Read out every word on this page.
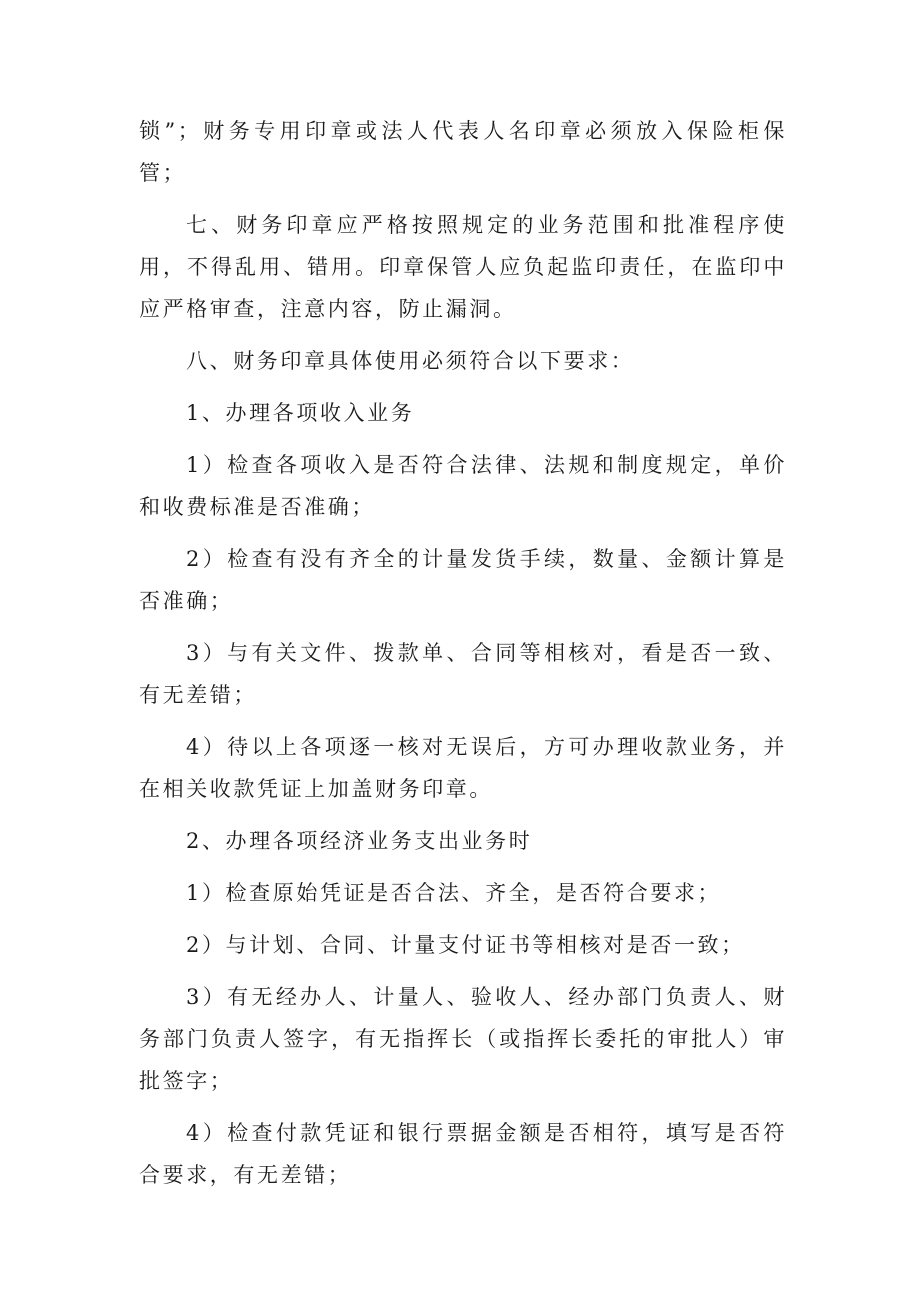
锁”；财务专用印章或法人代表人名印章必须放入保险柜保管；

七、财务印章应严格按照规定的业务范围和批准程序使用，不得乱用、错用。印章保管人应负起监印责任，在监印中应严格审查，注意内容，防止漏洞。

八、财务印章具体使用必须符合以下要求：

1、办理各项收入业务

1）检查各项收入是否符合法律、法规和制度规定，单价和收费标准是否准确；

2）检查有没有齐全的计量发货手续，数量、金额计算是否准确；

3）与有关文件、拨款单、合同等相核对，看是否一致、有无差错；

4）待以上各项逐一核对无误后，方可办理收款业务，并在相关收款凭证上加盖财务印章。

2、办理各项经济业务支出业务时

1）检查原始凭证是否合法、齐全，是否符合要求；

2）与计划、合同、计量支付证书等相核对是否一致；

3）有无经办人、计量人、验收人、经办部门负责人、财务部门负责人签字，有无指挥长（或指挥长委托的审批人）审批签字；

4）检查付款凭证和银行票据金额是否相符，填写是否符合要求，有无差错；
